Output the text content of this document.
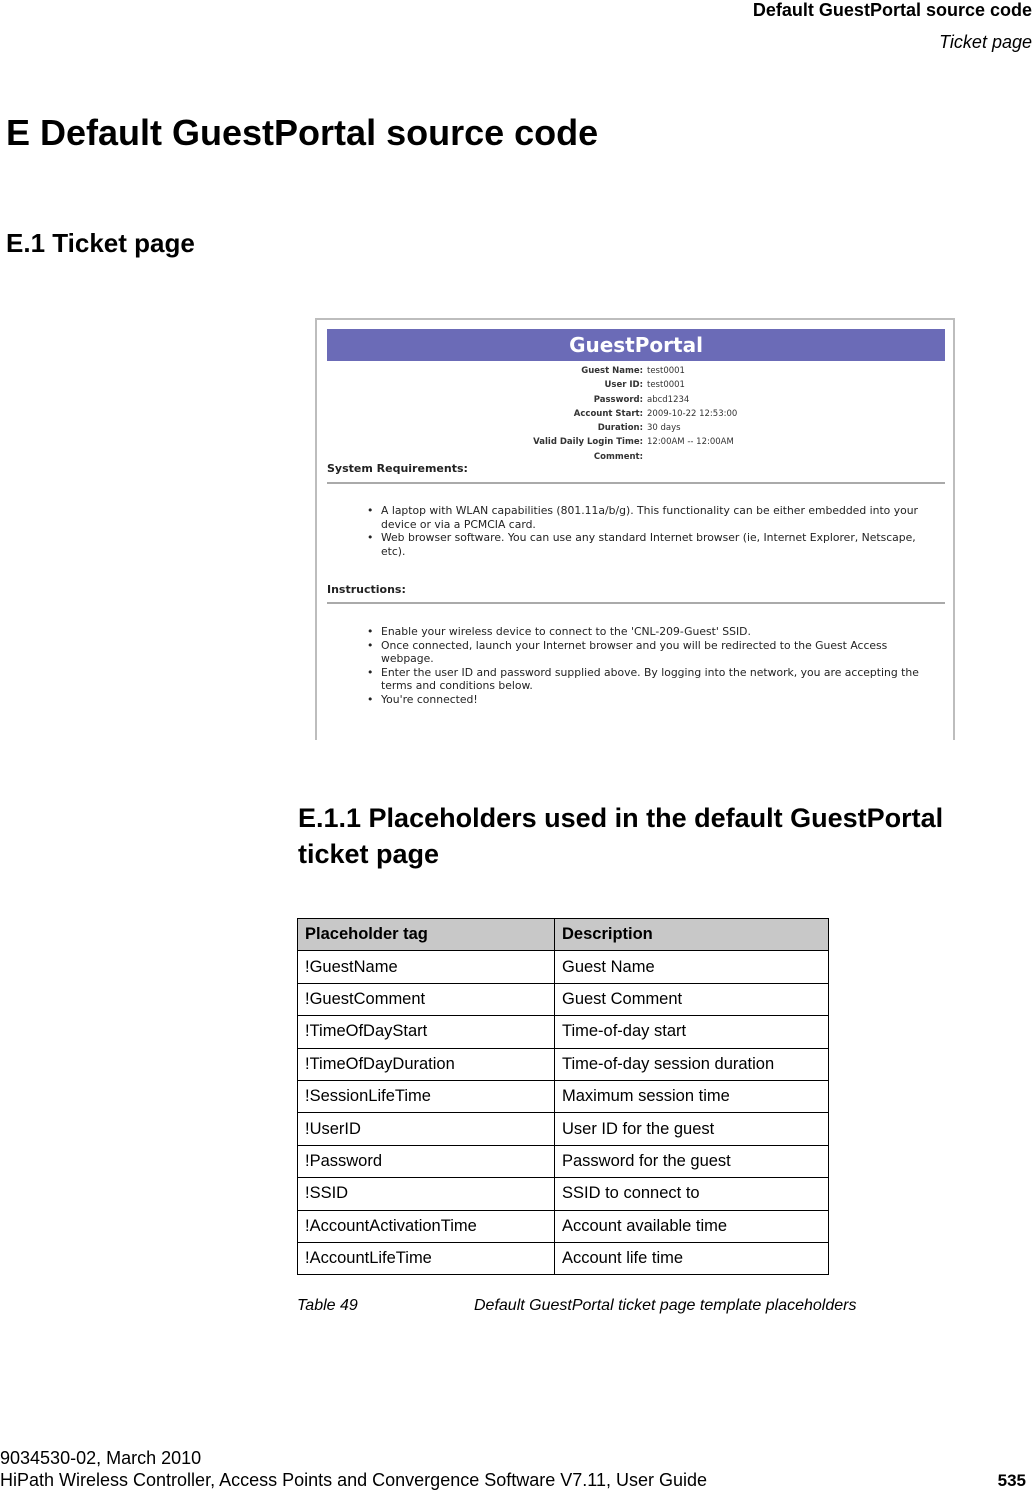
Default GuestPortal source code
Ticket page
E Default GuestPortal source code
E.1 Ticket page
GuestPortal
Guest Name: test0001
User ID: test0001
Password: abcd1234
Account Start: 2009-10-22 12:53:00
Duration: 30 days
Valid Daily Login Time: 12:00AM -- 12:00AM
Comment:
System Requirements:
• A laptop with WLAN capabilities (801.11a/b/g). This functionality can be either embedded into your device or via a PCMCIA card.
• Web browser software. You can use any standard Internet browser (ie, Internet Explorer, Netscape, etc).
Instructions:
• Enable your wireless device to connect to the 'CNL-209-Guest' SSID.
• Once connected, launch your Internet browser and you will be redirected to the Guest Access webpage.
• Enter the user ID and password supplied above. By logging into the network, you are accepting the terms and conditions below.
• You're connected!
E.1.1 Placeholders used in the default GuestPortal ticket page
Placeholder tag	Description
!GuestName	Guest Name
!GuestComment	Guest Comment
!TimeOfDayStart	Time-of-day start
!TimeOfDayDuration	Time-of-day session duration
!SessionLifeTime	Maximum session time
!UserID	User ID for the guest
!Password	Password for the guest
!SSID	SSID to connect to
!AccountActivationTime	Account available time
!AccountLifeTime	Account life time
Table 49	Default GuestPortal ticket page template placeholders
9034530-02, March 2010
HiPath Wireless Controller, Access Points and Convergence Software V7.11, User Guide	535
